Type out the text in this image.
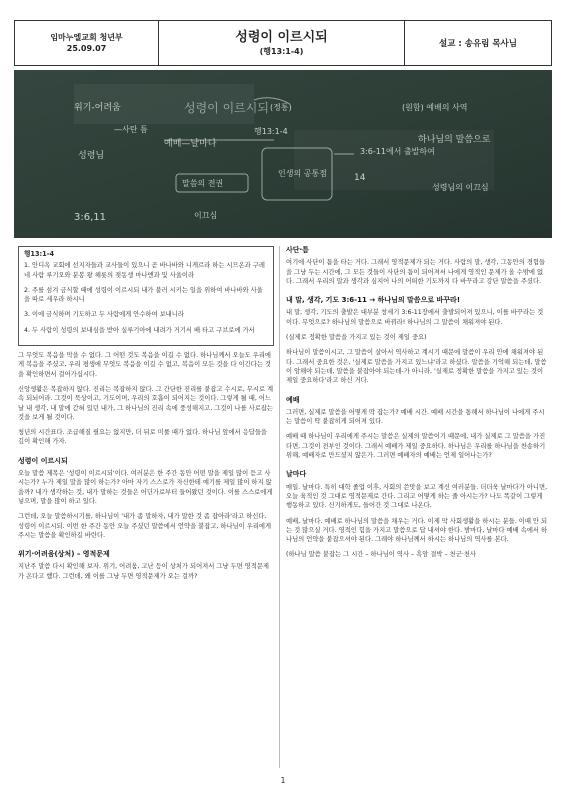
임마누엘교회 청년부
25.09.07
성령이 이르시되
(행13:1-4)
설교 : 송유림 목사님
위기-어려움
성령님
—사탄 틈
예배—날마다
성령이 이르시되
행13:1-4
3:6,11
말씀의 전권
이끄심
(원함) 예배의 사역
(정통)
하나님의 말씀으로
14
3:6-11에서 출발하여
인생의 공통점
성령님의 이끄심
행13:1-4

1. 안디옥 교회에 선지자들과 교사들이 있으니 곧 바나바와 니게르라 하는 시므온과 구레네 사람 루기오와 분봉 왕 헤롯의 젖동생 마나엔과 및 사울이라

2. 주를 섬겨 금식할 때에 성령이 이르시되 내가 불러 시키는 일을 위하여 바나바와 사울을 따로 세우라 하시니

3. 이에 금식하며 기도하고 두 사람에게 안수하여 보내니라

4. 두 사람이 성령의 보내심을 받아 실루기아에 내려가 거기서 배 타고 구브로에 가서

그 무엇도 복음을 막을 수 없다. 그 어떤 것도 복음을 이길 수 없다. 하나님께서 오늘도 우리에게 복음을 주셨고, 우리 평생에 무엇도 복음을 이길 수 없고, 복음이 모든 것을 다 이긴다는 것을 확인하면서 걸어가십시다.

신앙생활은 복잡하지 않다. 진리는 복잡하지 않다. 그 간단한 진리를 붙잡고 수시로, 무시로 계속 되뇌어라. 그것이 묵상이고, 기도이며, 우리의 호흡이 되어지는 것이다. 그렇게 될 때, 어느 날 내 생각, 내 말에 갇혀 있던 내가, 그 하나님의 진리 속에 풍성해지고, 그것이 나를 사로잡는 것을 보게 될 것이다.

청년의 시간표다. 조급해질 필요는 없지만, 더 뒤로 미룰 때가 없다. 하나님 앞에서 응답들을 깊이 확인해 가자.

성령이 이르시되

오늘 말씀 제목은 '성령이 이르시되'이다. 여러분은 한 주간 동안 어떤 말을 제일 많이 듣고 사시는가? 누가 제일 말을 많이 하는가? 아마 자기 스스로가 자신한테 얘기를 제일 많이 하지 않을까? 내가 생각하는 것, 내가 말하는 것들은 어딘가로부터 들어왔던 것이다. 이를 스스로에게 넣으며, 말을 많이 하고 있다.

그런데, 오늘 말씀하시기를, 하나님이 '내가 좀 말하자, 내가 말한 것 좀 잡아라'라고 하신다. 성령이 이르시되. 이번 한 주간 동안 오늘 주셨던 말씀에서 언약을 붙잡고, 하나님이 우리에게 주시는 말씀을 확인하길 바란다.

위기·어려움(상처) – 영적문제

지난주 말씀 다시 확인해 보자. 위기, 어려움, 고난 등이 상처가 되어져서 그냥 두면 영적문제가 온다고 했다. 그런데, 왜 이를 그냥 두면 영적문제가 오는 걸까?

사단·틈

여기에 사단이 틈을 타는 거다. 그래서 영적문제가 되는 거다. 사람의 말, 생각, 그동안의 경험들을 그냥 두는 시간에, 그 모든 것들이 사단의 틈이 되어져서 나에게 영적인 문제가 올 수밖에 없다. 그래서 우리의 말과 생각과 심지어 나의 어떠한 기도까지 다 바꾸라고 강단 말씀을 주셨다.

내 말, 생각, 기도 3:6-11 → 하나님의 말씀으로 바꾸라!

내 말, 생각, 기도의 출발은 대부분 창세기 3:6-11장에서 출발되어져 있으니, 이를 바꾸라는 것이다. 무엇으로? 하나님의 말씀으로 바꿔라! 하나님의 그 말씀이 채워져야 된다.

(실제로 정확한 말씀을 가지고 있는 것이 제일 중요)

하나님이 말씀이시고, 그 말씀이 살아서 역사하고 계시기 때문에 말씀이 우리 안에 채워져야 된다. 그래서 중요한 것은, '실제로 말씀을 가지고 있느냐'라고 하셨다. 말씀을 기억해 되는데, 말씀이 암해야 되는데, 말씀을 붙잡아야 되는데-가 아니라, '실제로 정확한 말씀을 가지고 있는 것이 제일 중요하다'라고 하신 거다.

예배

그러면, 실제로 말씀을 어떻게 딱 잡는가? 예배 시간. 예배 시간을 통해서 하나님이 나에게 주시는 말씀이 딱 붙잡히게 되어져 있다.

예배 때 하나님이 우리에게 주시는 말씀은 실제의 말씀이기 때문에, 내가 실제로 그 말씀을 가진다면, 그것이 전부인 것이다. 그래서 예배가 제일 중요하다. 하나님은 우리를 하나님을 찬송하기 위해, 예배자로 만드셨지 않은가. 그러면 예배자의 예배는 언제 일어나는가?

날마다

매일. 날마다. 특히 대학 졸업 이후, 사회의 쓴맛을 보고 계신 여러분들. 더더욱 날마다가 아니면, 오늘 육적인 것 그대로 영적문제로 간다. 그리고 어떻게 하는 줄 아시는가? 나도 똑같이 그렇게 행동하고 있다. 신기하게도, 들어간 것 그대로 나온다.

예배, 날마다. 예배로 하나님의 말씀을 채우는 거다. 이제 막 사회생활을 하시는 분들. 이때 안 되는 것 많으실 거다. 영적인 힘을 가지고 말씀으로 답 내셔야 한다. 밤마다, 날마다 예배 속에서 하나님의 언약을 붙잡으셔야 된다. 그래야 하나님께서 하시는 하나님의 역사를 본다.

(하나님 말씀 붙잡는 그 시간 – 하나님이 역사 – 흑암 결박 – 천군·천사

1
